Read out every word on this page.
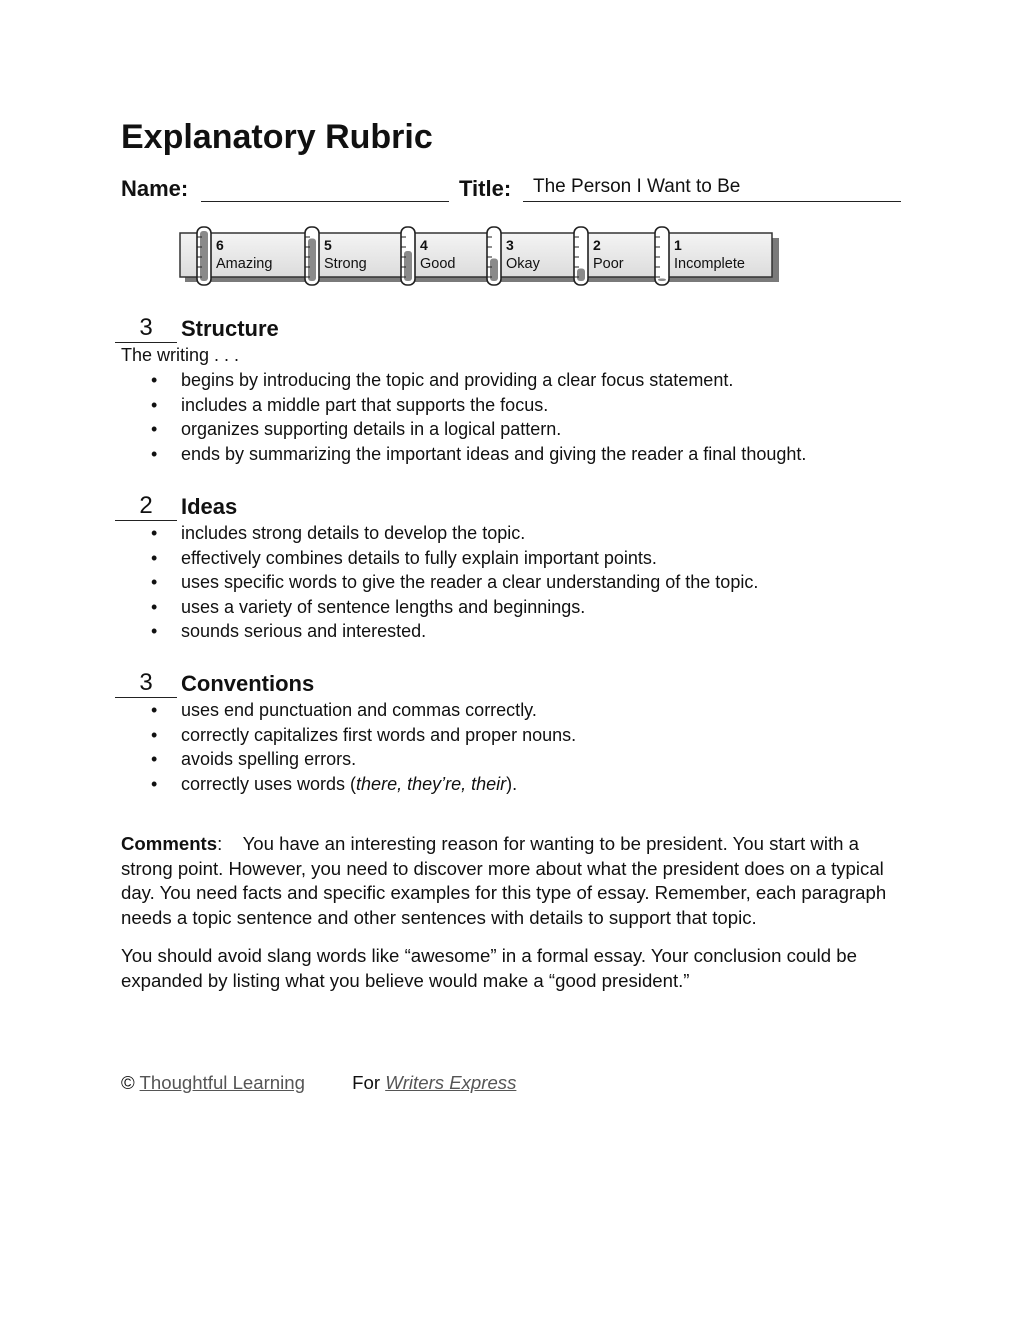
Explanatory Rubric
Name:	Title: The Person I Want to Be
6
Amazing
5
Strong
4
Good
3
Okay
2
Poor
1
Incomplete
3	Structure
The writing . . .
• begins by introducing the topic and providing a clear focus statement.
• includes a middle part that supports the focus.
• organizes supporting details in a logical pattern.
• ends by summarizing the important ideas and giving the reader a final thought.
2	Ideas
• includes strong details to develop the topic.
• effectively combines details to fully explain important points.
• uses specific words to give the reader a clear understanding of the topic.
• uses a variety of sentence lengths and beginnings.
• sounds serious and interested.
3	Conventions
• uses end punctuation and commas correctly.
• correctly capitalizes first words and proper nouns.
• avoids spelling errors.
• correctly uses words (there, they’re, their).

Comments: You have an interesting reason for wanting to be president. You start with a strong point. However, you need to discover more about what the president does on a typical day. You need facts and specific examples for this type of essay. Remember, each paragraph needs a topic sentence and other sentences with details to support that topic.

You should avoid slang words like “awesome” in a formal essay. Your conclusion could be expanded by listing what you believe would make a “good president.”

© Thoughtful Learning	For Writers Express
